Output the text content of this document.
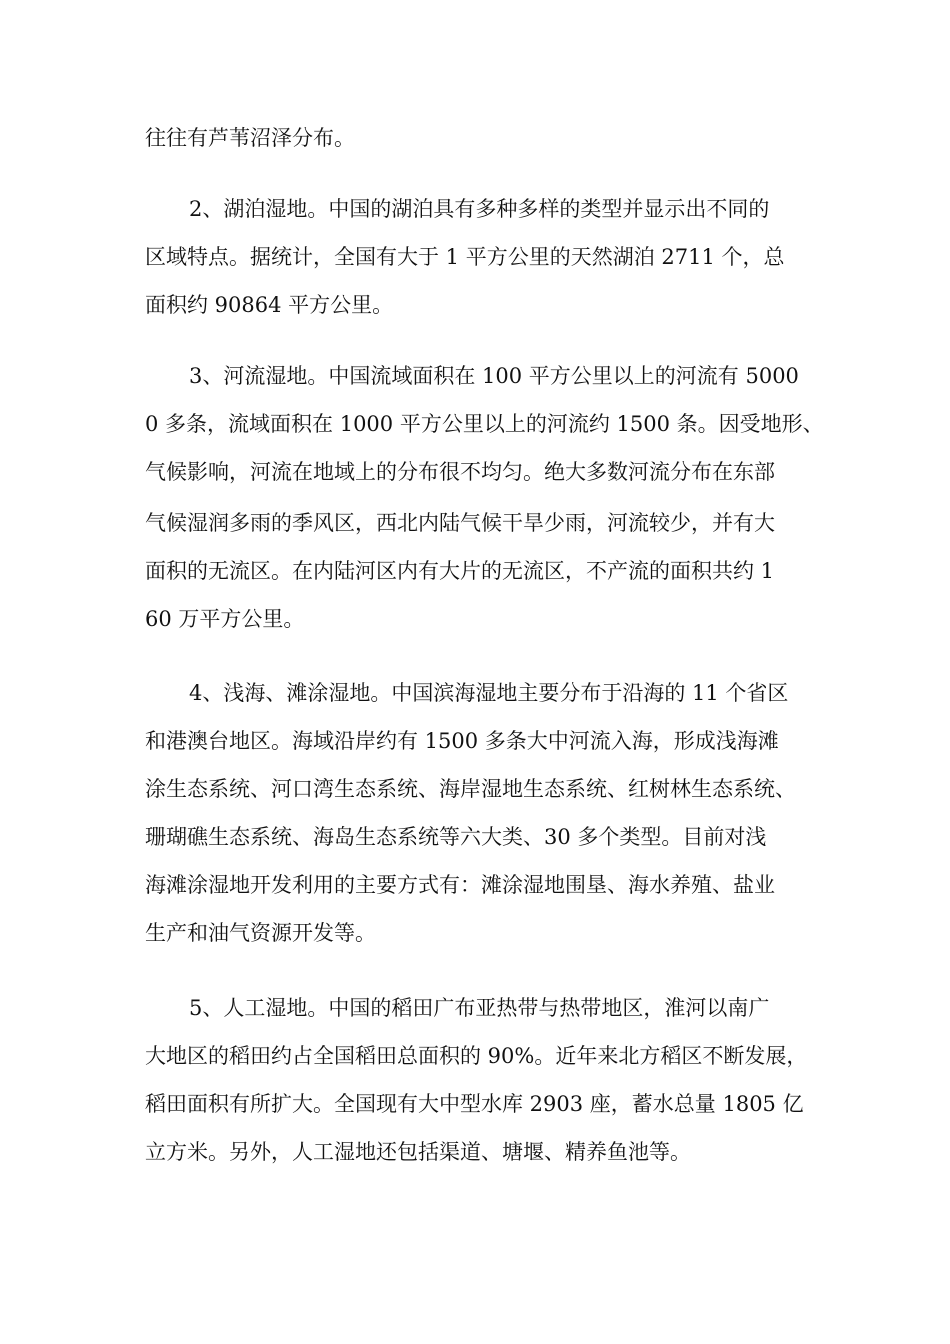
往往有芦苇沼泽分布。
2、湖泊湿地。中国的湖泊具有多种多样的类型并显示出不同的
区域特点。据统计，全国有大于 1 平方公里的天然湖泊 2711 个，总
面积约 90864 平方公里。
3、河流湿地。中国流域面积在 100 平方公里以上的河流有 5000
0 多条，流域面积在 1000 平方公里以上的河流约 1500 条。因受地形、
气候影响，河流在地域上的分布很不均匀。绝大多数河流分布在东部
气候湿润多雨的季风区，西北内陆气候干旱少雨，河流较少，并有大
面积的无流区。在内陆河区内有大片的无流区，不产流的面积共约 1
60 万平方公里。
4、浅海、滩涂湿地。中国滨海湿地主要分布于沿海的 11 个省区
和港澳台地区。海域沿岸约有 1500 多条大中河流入海，形成浅海滩
涂生态系统、河口湾生态系统、海岸湿地生态系统、红树林生态系统、
珊瑚礁生态系统、海岛生态系统等六大类、30 多个类型。目前对浅
海滩涂湿地开发利用的主要方式有：滩涂湿地围垦、海水养殖、盐业
生产和油气资源开发等。
5、人工湿地。中国的稻田广布亚热带与热带地区，淮河以南广
大地区的稻田约占全国稻田总面积的 90%。近年来北方稻区不断发展，
稻田面积有所扩大。全国现有大中型水库 2903 座，蓄水总量 1805 亿
立方米。另外，人工湿地还包括渠道、塘堰、精养鱼池等。
